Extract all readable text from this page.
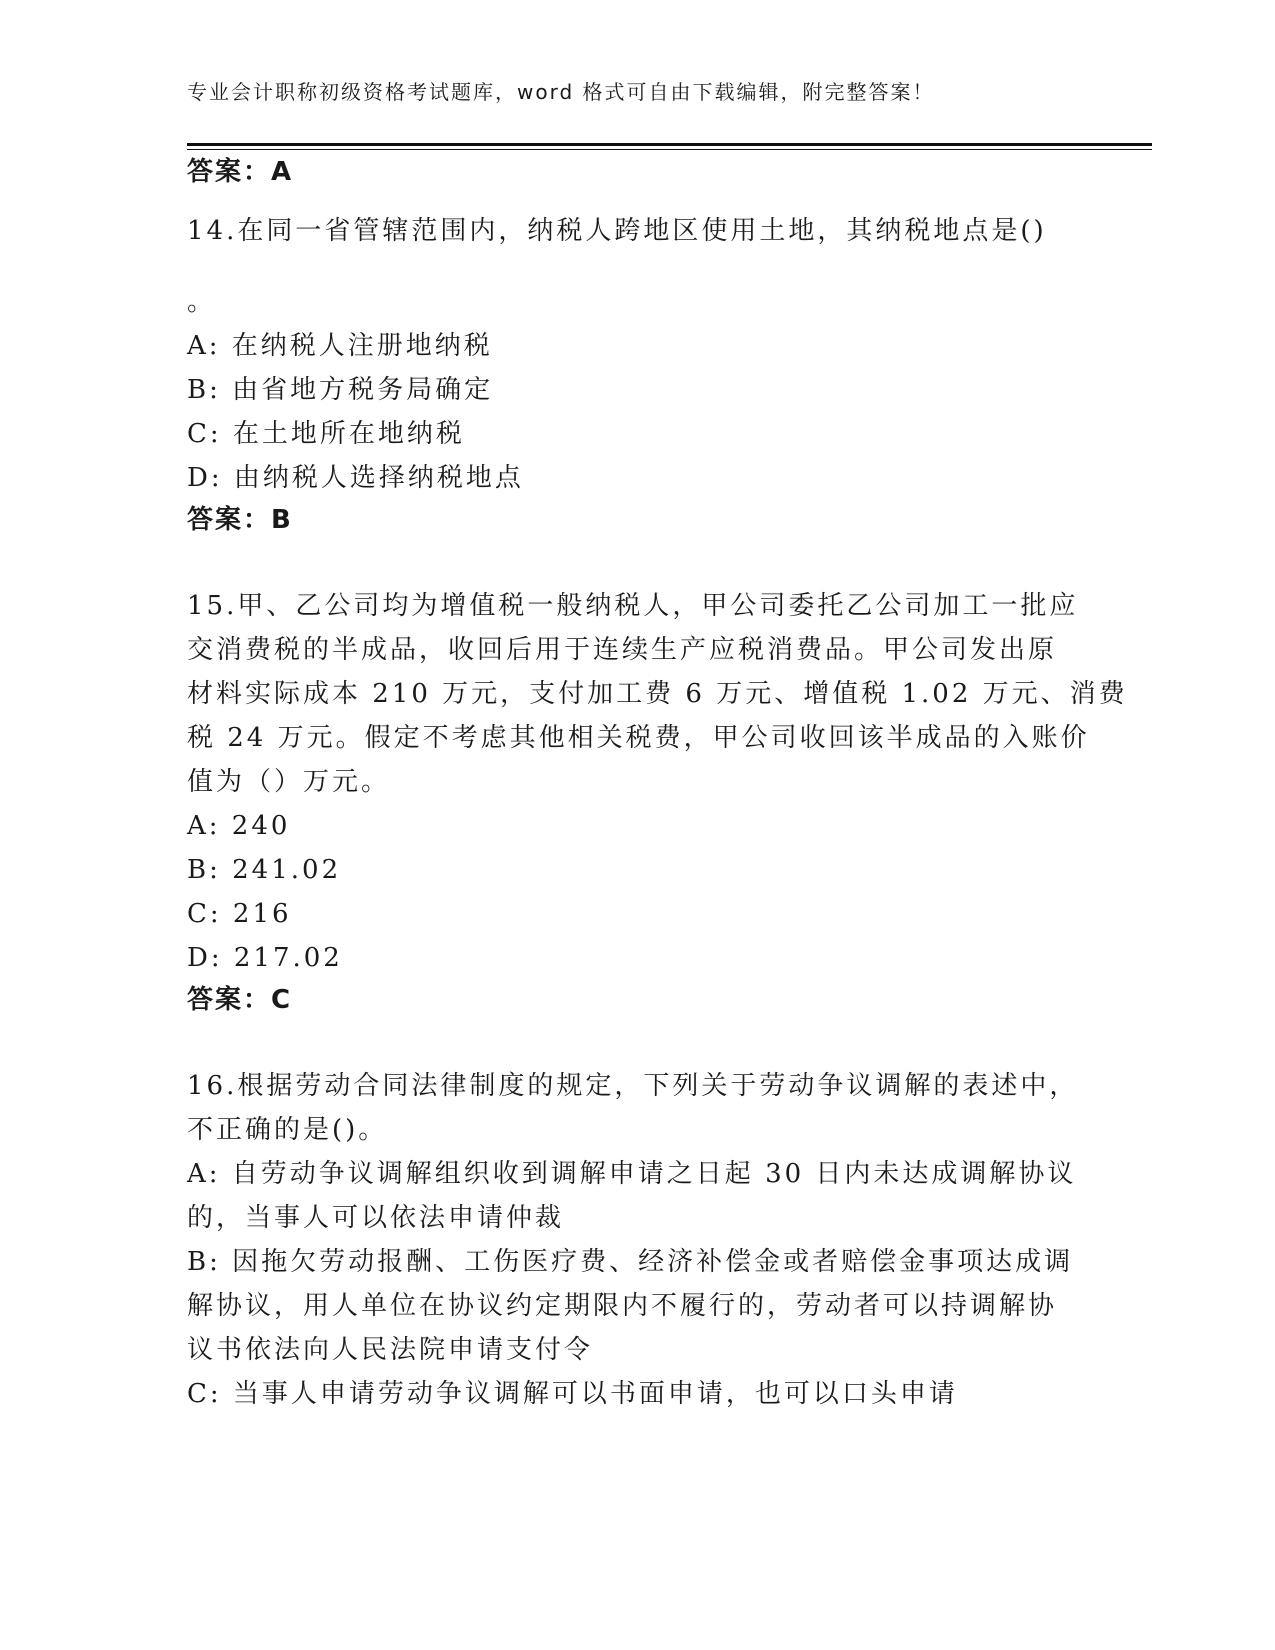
专业会计职称初级资格考试题库，word 格式可自由下载编辑，附完整答案！
答案：A
14.在同一省管辖范围内，纳税人跨地区使用土地，其纳税地点是()
。
A: 在纳税人注册地纳税
B: 由省地方税务局确定
C: 在土地所在地纳税
D: 由纳税人选择纳税地点
答案：B
15.甲、乙公司均为增值税一般纳税人，甲公司委托乙公司加工一批应
交消费税的半成品，收回后用于连续生产应税消费品。甲公司发出原
材料实际成本 210 万元，支付加工费 6 万元、增值税 1.02 万元、消费
税 24 万元。假定不考虑其他相关税费，甲公司收回该半成品的入账价
值为（）万元。
A: 240
B: 241.02
C: 216
D: 217.02
答案：C
16.根据劳动合同法律制度的规定，下列关于劳动争议调解的表述中，
不正确的是()。
A: 自劳动争议调解组织收到调解申请之日起 30 日内未达成调解协议
的，当事人可以依法申请仲裁
B: 因拖欠劳动报酬、工伤医疗费、经济补偿金或者赔偿金事项达成调
解协议，用人单位在协议约定期限内不履行的，劳动者可以持调解协
议书依法向人民法院申请支付令
C: 当事人申请劳动争议调解可以书面申请，也可以口头申请
